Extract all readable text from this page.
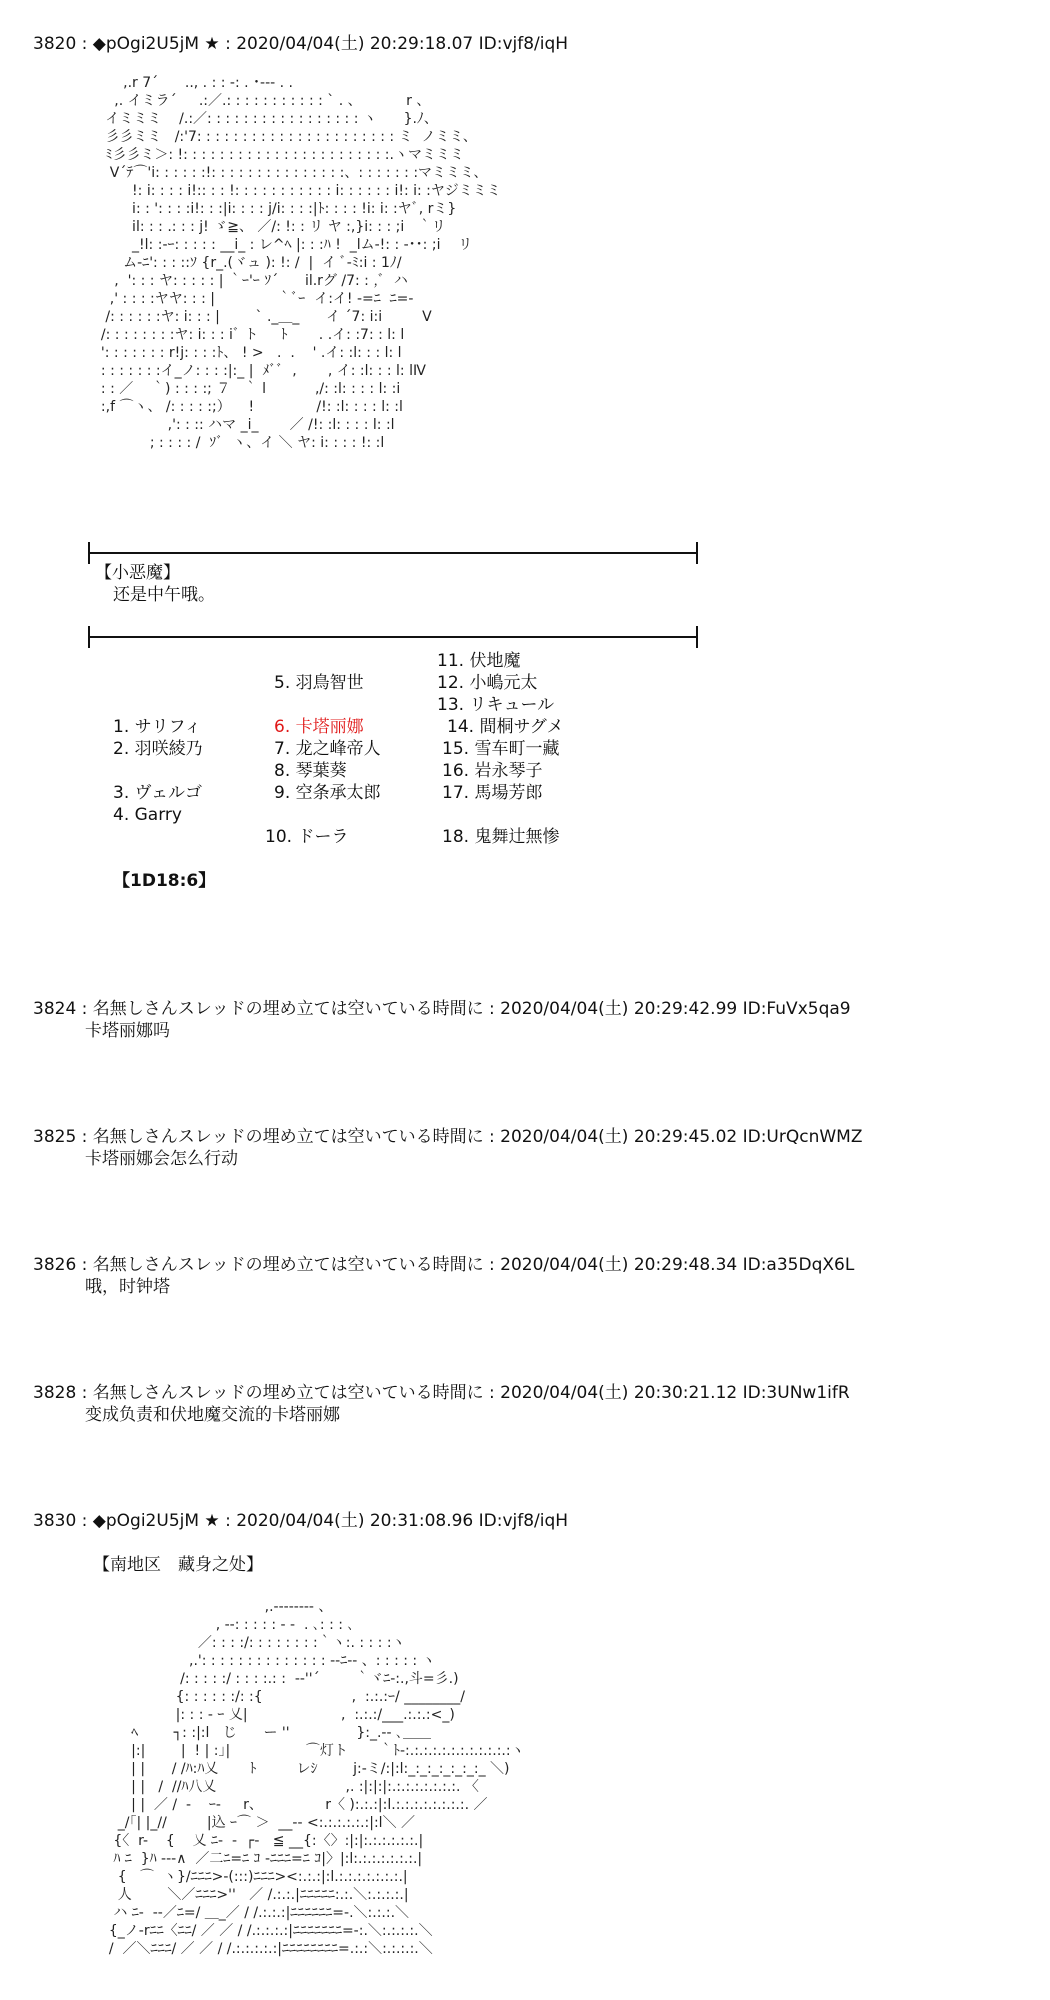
3820 : ◆pOgi2U5jM ★ : 2020/04/04(土) 20:29:18.07 ID:vjf8/iqH
,.r 7´      .., . : : ‐: . ･‐-- . .
,. イミラ´     .:／.: : : : : : : : : : : ` . 、          r 、
イミミミ    /.:／: : : : : : : : : : : : : : : : : ヽ      }.ﾉ、
彡彡ミミ   /:'7: : : : : : : : : : : : : : : : : : : : : : ミ  ノミミ、
ﾐ彡彡ミ＞: !: : : : : : : : : : : : : : : : : : : : : : :.ヽマミミミ
V´ﾃ⌒'i: : : : : :!: : : : : : : : : : : : : : :、: : : : : : :マミミミ、
!: i: : : : i!:: : : !: : : : : : : : : : : i: : : : : : i!: i: :ヤジミミミ
i: : ': : : :i!: : :|i: : : : j/i: : : :|ﾄ: : : : !i: i: :ヤﾞ, rミ}
il: : : .: : : j! ゞ≧、 ／/: !: : リ ヤ :,}i: : : ;i   ｀リ
_!l: :-ｰ: : : : : __i_ : レ^ﾍ |: : :ﾊ !  _lム-!: : ‐･･: ;i    リ
ム‐ﾆ': : : ::ｿ {r_.(ヾュ ): !: /  |  イ ﾞ‐ﾐ:i : 1ﾉ/
,  ': : : ヤ: : : : : | ｀ｰ'ｰ ｿ´      il.rグ /7: : ,ﾞ  ハ
,' : : : :ヤヤ: : : |              ｀ﾞｰ  イ:イ! -=ﾆ  ﾆ=-
/: : : : : :ヤ: i: : : |        ` ._＿_      イ ´7: i:i         V
/: : : : : : : :ヤ: i: : : iﾞ ト     ﾄ       . .イ: :7: : l: l
': : : : : : : r!j: : : :ﾄ、 ! >   .  .    ' .イ: :l: : : l: l
: : : : : : :イ_ノ: : : :|:_ |  ﾒﾞﾞ  ,       , イ: :l: : : l: lⅣ
: : ／    ｀) : : : :; ７   ｀ l           ,/: :l: : : : l: :i
:,f ⌒ヽ、 /: : : : :;）    !              /!: :l: : : : l: :l
,': : :: ハマ _i_       ／ /!: :l: : : : l: :l
; : : : : /  ｿﾞ  ヽ、イ ＼ ヤ: i: : : : !: :l
【小恶魔】
还是中午哦。
1. サリフィ
2. 羽咲綾乃
3. ヴェルゴ
4. Garry
5. 羽鳥智世
6. 卡塔丽娜
7. 龙之峰帝人
8. 琴葉葵
9. 空条承太郎
10. ドーラ
11. 伏地魔
12. 小嶋元太
13. リキュール
14. 間桐サグメ
15. 雪车町一藏
16. 岩永琴子
17. 馬場芳郎
18. 鬼舞辻無惨
【1D18:6】
3824 : 名無しさんスレッドの埋め立ては空いている時間に : 2020/04/04(土) 20:29:42.99 ID:FuVx5qa9
卡塔丽娜吗
3825 : 名無しさんスレッドの埋め立ては空いている時間に : 2020/04/04(土) 20:29:45.02 ID:UrQcnWMZ
卡塔丽娜会怎么行动
3826 : 名無しさんスレッドの埋め立ては空いている時間に : 2020/04/04(土) 20:29:48.34 ID:a35DqX6L
哦，时钟塔
3828 : 名無しさんスレッドの埋め立ては空いている時間に : 2020/04/04(土) 20:30:21.12 ID:3UNw1ifR
变成负责和伏地魔交流的卡塔丽娜
3830 : ◆pOgi2U5jM ★ : 2020/04/04(土) 20:31:08.96 ID:vjf8/iqH
【南地区　藏身之处】
,.-‐‐‐‐‐‐- 、
, -‐: : : : : ‐ -  . ､: : : ､
／: : : :/: : : : : : : :｀ヽ:. : : : :ヽ
,.': : : : : : : : : : : : : : -‐ﾆ‐- 、: : : : : ヽ
/: : : : :/ : : : :.: :  -‐''´        ｀ヾﾆ-:.,斗=彡.)
{: : : : : :/: :{                    ,  :.:.:ｰ/ ________/
|: : : ‐ ｰ 乂|                     ,  :.:.:/___.:.:.:<_)
ﾍ        ┐: :|:l   じ      ー ''               }:_.-‐ ､＿＿
|:|        |  ! | :｣|                 ⌒灯ト       ｀ﾄ-:.:.:.:.:.:.:.:.:.:.:.:ヽ
| |      / /ﾊ:ﾊ乂       ﾄ         レｼ        j:-ミ/:|:l:_:_:_:_:_:_:_ ＼)
| |   /  //ﾊ八乂                             ,. :|:|:|:.:.:.:.:.:.:.:. 〈
| |  ／ /  -    ｰ-     r、              r〈 ):.:.:|:l.:.:.:.:.:.:.:.:. ／
_/｢| |_//         |込 ｰ⌒ ＞  __-‐ <:.:.:.:.:.:|:l＼ ／
{〈  r-    {    乂 ﾆ-  -  ┌‐   ≦ __{:〈〉:|:|:.:.:.:.:.:.|
ﾊ ﾆ  }ﾊ ---∧  ／二ﾆ=ﾆ ｺ -ﾆﾆﾆ=ﾆ ｺ|〉|:l:.:.:.:.:.:.:.|
{   ⌒  ヽ}/ﾆﾆﾆ>-(:::)ﾆﾆﾆ><:.:.:|:l.:.:.:.:.:.:.:.|
人        ＼／ﾆﾆﾆ>''   ／ /.:.:.|ﾆﾆﾆﾆﾆ:.:.＼:.:.:.:.|
ハ ﾆ-  -‐／ﾆ=/ ＿_／ / /.:.:.:|ﾆﾆﾆﾆﾆﾆ=-.＼:.:.:.＼
{_ノ-rﾆﾆ〈ﾆﾆ/ ／ ／ / /.:.:.:.:|ﾆﾆﾆﾆﾆﾆﾆ=-:.＼:.:.:.:.＼
/  ／＼ﾆﾆﾆ/ ／ ／ / /.:.:.:.:.:|ﾆﾆﾆﾆﾆﾆﾆﾆ=.:.:＼:.:.:.:.＼
